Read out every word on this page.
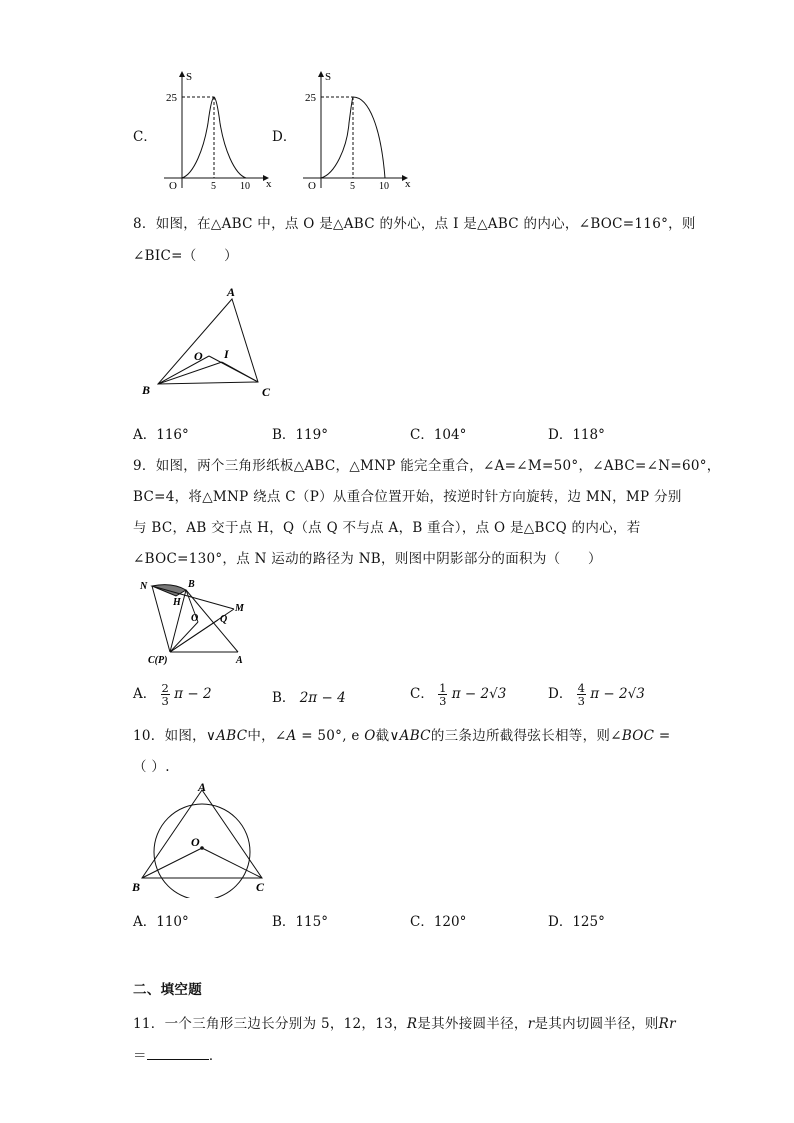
C．
S
25
O	5 10 x
D．
S
25
O	5 10 x
8．如图，在△ABC 中，点 O 是△ABC 的外心，点 I 是△ABC 的内心，∠BOC=116°，则
∠BIC=（　　）
A
B	C
O I
A．116°	B．119°	C．104°	D．118°
9．如图，两个三角形纸板△ABC，△MNP 能完全重合，∠A=∠M=50°，∠ABC=∠N=60°，
BC=4，将△MNP 绕点 C（P）从重合位置开始，按逆时针方向旋转，边 MN，MP 分别
与 BC，AB 交于点 H，Q（点 Q 不与点 A，B 重合），点 O 是△BCQ 的内心，若
∠BOC=130°，点 N 运动的路径为 NB，则图中阴影部分的面积为（　　）
N	B
H
M
O Q
C(P)	A
A． $\frac{2}{3}$ π − 2	B． 2π − 4	C． $\frac{1}{3}$ π − 2√3	D． $\frac{4}{3}$ π − 2√3
10．如图，∨ABC中，∠A = 50°, e O截∨ABC的三条边所截得弦长相等，则∠BOC =
（ ）.
A
B	C
O
A．110°	B．115°	C．120°	D．125°
二、填空题
11．一个三角形三边长分别为 5，12，13，R是其外接圆半径，r是其内切圆半径，则Rr
＝	．
